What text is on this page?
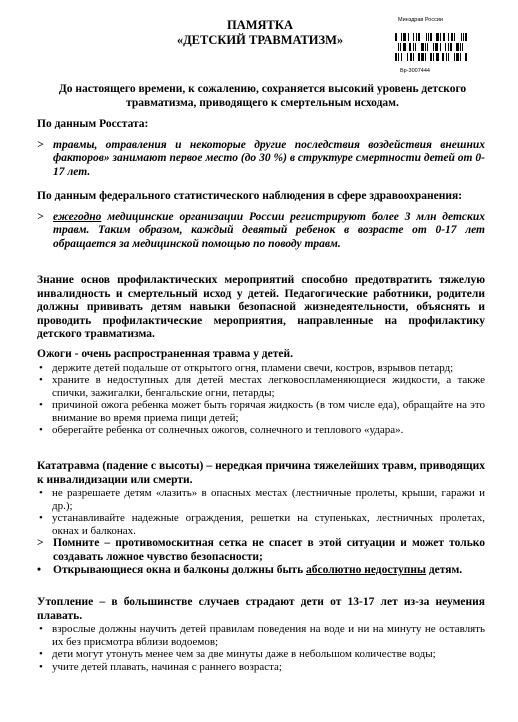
ПАМЯТКА
«ДЕТСКИЙ ТРАВМАТИЗМ»
Минздрав России
Вр-3007444
До настоящего времени, к сожалению, сохраняется высокий уровень детского травматизма, приводящего к смертельным исходам.
По данным Росстата:
> травмы, отравления и некоторые другие последствия воздействия внешних факторов» занимают первое место (до 30 %) в структуре смертности детей от 0-17 лет.
По данным федерального статистического наблюдения в сфере здравоохранения:
> ежегодно медицинские организации России регистрируют более 3 млн детских травм. Таким образом, каждый девятый ребенок в возрасте от 0-17 лет обращается за медицинской помощью по поводу травм.
Знание основ профилактических мероприятий способно предотвратить тяжелую инвалидность и смертельный исход у детей. Педагогические работники, родители должны прививать детям навыки безопасной жизнедеятельности, объяснять и проводить профилактические мероприятия, направленные на профилактику детского травматизма.
Ожоги - очень распространенная травма у детей.
• держите детей подальше от открытого огня, пламени свечи, костров, взрывов петард;
• храните в недоступных для детей местах легковоспламеняющиеся жидкости, а также спички, зажигалки, бенгальские огни, петарды;
• причиной ожога ребенка может быть горячая жидкость (в том числе еда), обращайте на это внимание во время приема пищи детей;
• оберегайте ребенка от солнечных ожогов, солнечного и теплового «удара».
Кататравма (падение с высоты) – нередкая причина тяжелейших травм, приводящих к инвалидизации или смерти.
• не разрешаете детям «лазить» в опасных местах (лестничные пролеты, крыши, гаражи и др.);
• устанавливайте надежные ограждения, решетки на ступеньках, лестничных пролетах, окнах и балконах.
> Помните – противомоскитная сетка не спасет в этой ситуации и может только создавать ложное чувство безопасности;
•	Открывающиеся окна и балконы должны быть абсолютно недоступны детям.
Утопление – в большинстве случаев страдают дети от 13-17 лет из-за неумения плавать.
• взрослые должны научить детей правилам поведения на воде и ни на минуту не оставлять их без присмотра вблизи водоемов;
• дети могут утонуть менее чем за две минуты даже в небольшом количестве воды;
• учите детей плавать, начиная с раннего возраста;
